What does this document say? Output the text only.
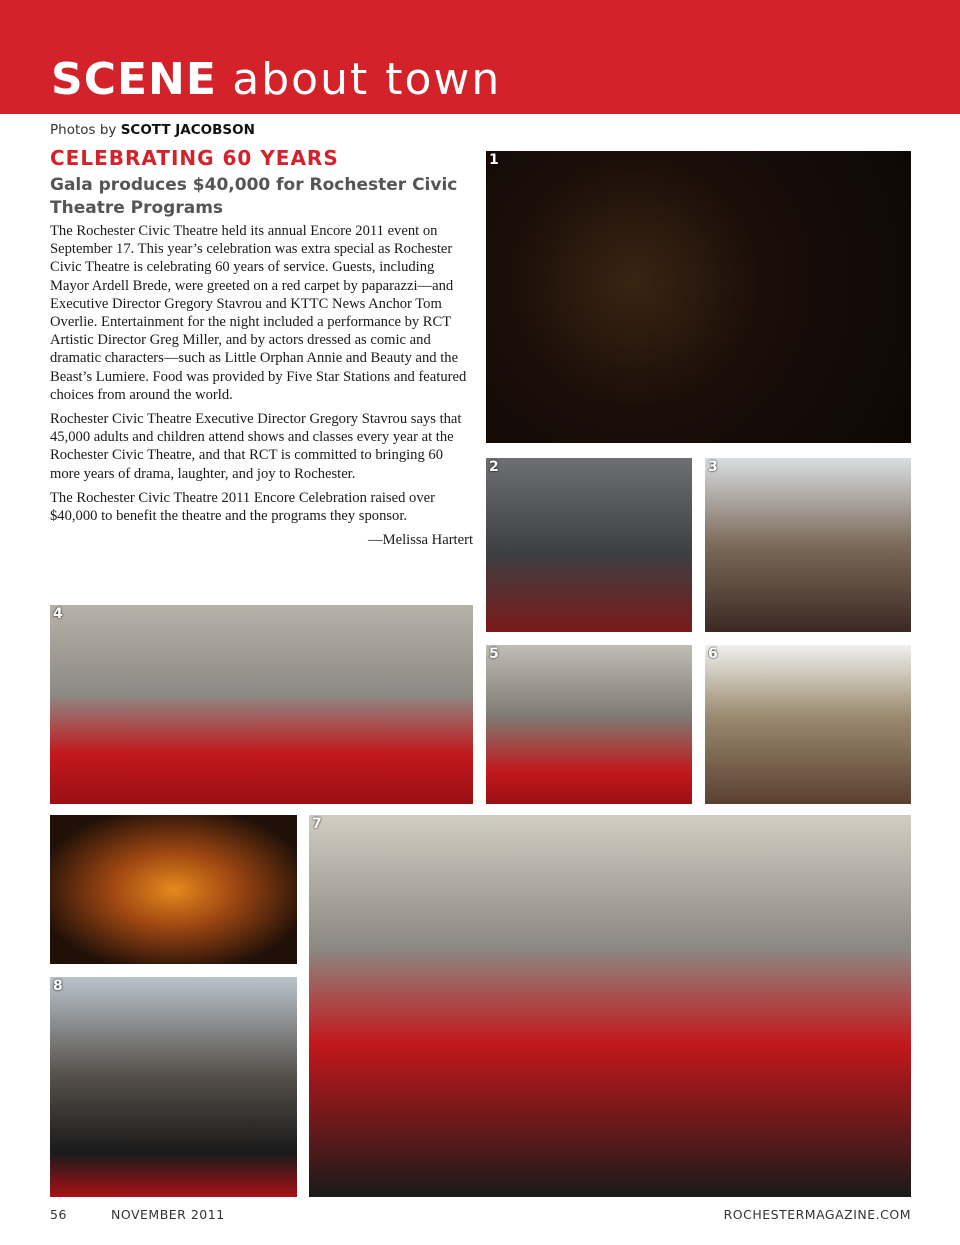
SCENE about town
Photos by SCOTT JACOBSON
CELEBRATING 60 YEARS
Gala produces $40,000 for Rochester Civic Theatre Programs

The Rochester Civic Theatre held its annual Encore 2011 event on September 17. This year’s celebration was extra special as Rochester Civic Theatre is celebrating 60 years of service. Guests, including Mayor Ardell Brede, were greeted on a red carpet by paparazzi—and Executive Director Gregory Stavrou and KTTC News Anchor Tom Overlie. Entertainment for the night included a performance by RCT Artistic Director Greg Miller, and by actors dressed as comic and dramatic characters—such as Little Orphan Annie and Beauty and the Beast’s Lumiere. Food was provided by Five Star Stations and featured choices from around the world.

Rochester Civic Theatre Executive Director Gregory Stavrou says that 45,000 adults and children attend shows and classes every year at the Rochester Civic Theatre, and that RCT is committed to bringing 60 more years of drama, laughter, and joy to Rochester.

The Rochester Civic Theatre 2011 Encore Celebration raised over $40,000 to benefit the theatre and the programs they sponsor.

—Melissa Hartert

1
2	3
4
5	6
7
8
56	NOVEMBER 2011	ROCHESTERMAGAZINE.COM
